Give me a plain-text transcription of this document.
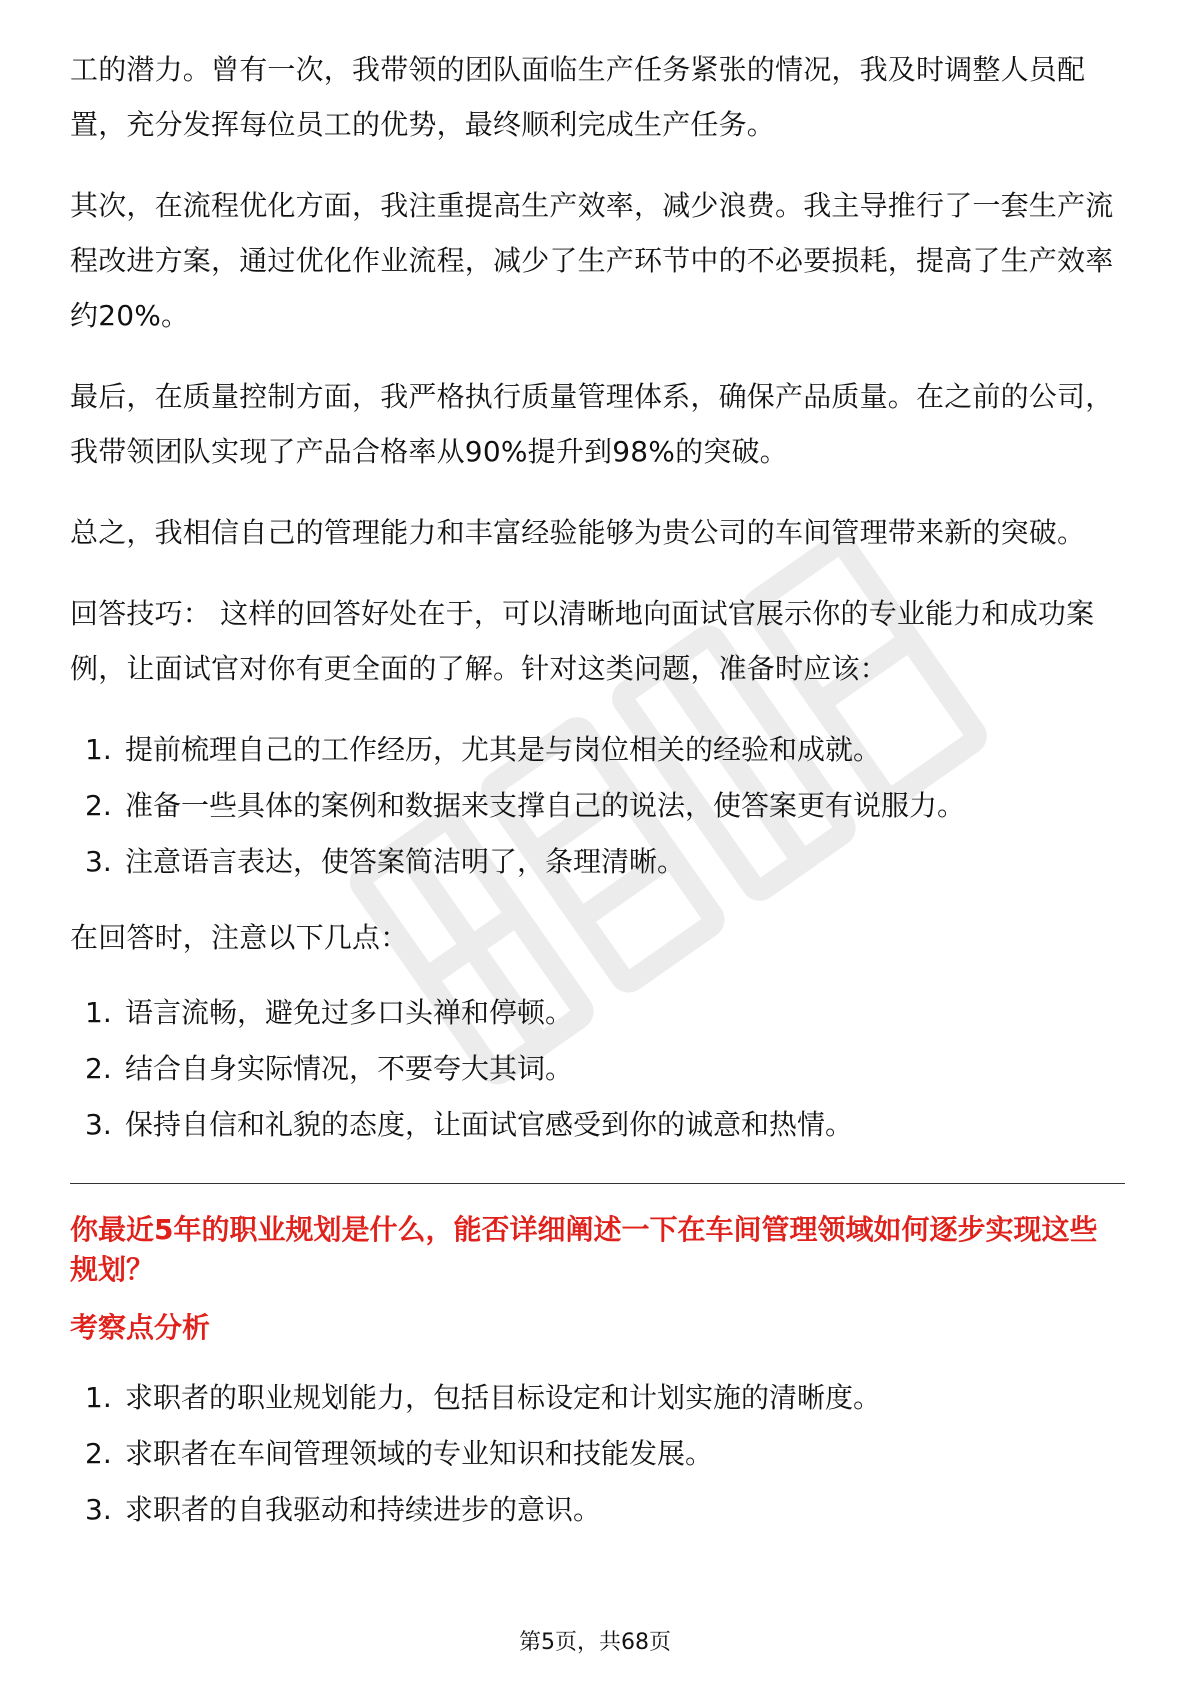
工的潜力。曾有一次，我带领的团队面临生产任务紧张的情况，我及时调整人员配置，充分发挥每位员工的优势，最终顺利完成生产任务。

其次，在流程优化方面，我注重提高生产效率，减少浪费。我主导推行了一套生产流程改进方案，通过优化作业流程，减少了生产环节中的不必要损耗，提高了生产效率约20%。

最后，在质量控制方面，我严格执行质量管理体系，确保产品质量。在之前的公司，我带领团队实现了产品合格率从90%提升到98%的突破。

总之，我相信自己的管理能力和丰富经验能够为贵公司的车间管理带来新的突破。

回答技巧： 这样的回答好处在于，可以清晰地向面试官展示你的专业能力和成功案例，让面试官对你有更全面的了解。针对这类问题，准备时应该：

1. 提前梳理自己的工作经历，尤其是与岗位相关的经验和成就。
2. 准备一些具体的案例和数据来支撑自己的说法，使答案更有说服力。
3. 注意语言表达，使答案简洁明了，条理清晰。

在回答时，注意以下几点：

1. 语言流畅，避免过多口头禅和停顿。
2. 结合自身实际情况，不要夸大其词。
3. 保持自信和礼貌的态度，让面试官感受到你的诚意和热情。
你最近5年的职业规划是什么，能否详细阐述一下在车间管理领域如何逐步实现这些规划？
考察点分析
1. 求职者的职业规划能力，包括目标设定和计划实施的清晰度。
2. 求职者在车间管理领域的专业知识和技能发展。
3. 求职者的自我驱动和持续进步的意识。
第5页，共68页
